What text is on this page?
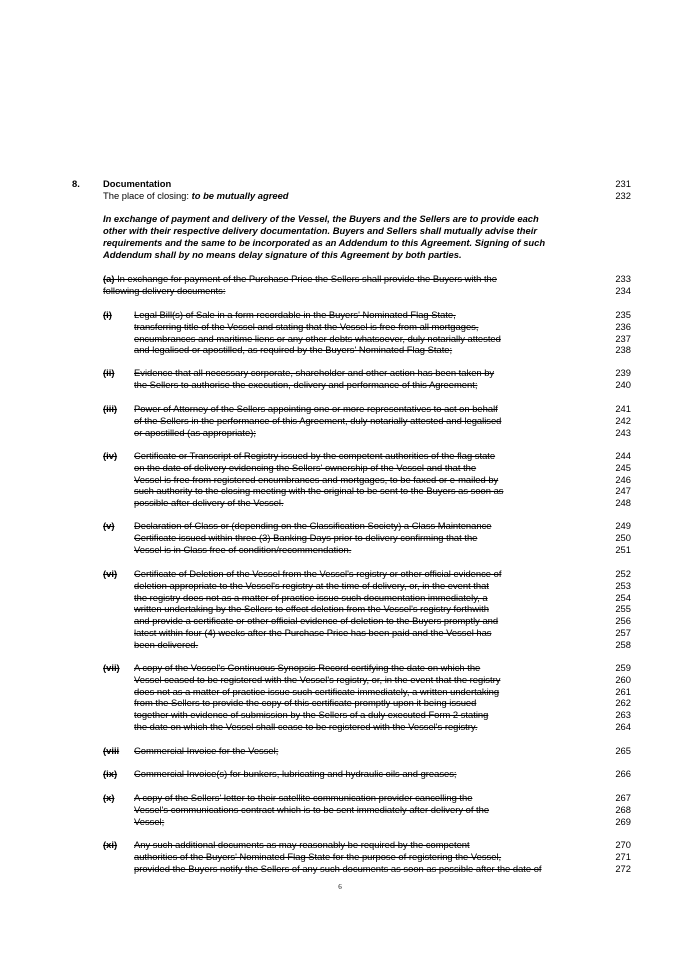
8. Documentation	231
The place of closing: to be mutually agreed	232
In exchange of payment and delivery of the Vessel, the Buyers and the Sellers are to provide each
other with their respective delivery documentation. Buyers and Sellers shall mutually advise their
requirements and the same to be incorporated as an Addendum to this Agreement. Signing of such
Addendum shall by no means delay signature of this Agreement by both parties.
(a) In exchange for payment of the Purchase Price the Sellers shall provide the Buyers with the	233
following delivery documents:	234
(i) Legal Bill(s) of Sale in a form recordable in the Buyers' Nominated Flag State,	235
transferring title of the Vessel and stating that the Vessel is free from all mortgages,	236
encumbrances and maritime liens or any other debts whatsoever, duly notarially attested	237
and legalised or apostilled, as required by the Buyers' Nominated Flag State;	238
(ii) Evidence that all necessary corporate, shareholder and other action has been taken by	239
the Sellers to authorise the execution, delivery and performance of this Agreement;	240
(iii) Power of Attorney of the Sellers appointing one or more representatives to act on behalf	241
of the Sellers in the performance of this Agreement, duly notarially attested and legalised	242
or apostilled (as appropriate);	243
(iv) Certificate or Transcript of Registry issued by the competent authorities of the flag state	244
on the date of delivery evidencing the Sellers' ownership of the Vessel and that the	245
Vessel is free from registered encumbrances and mortgages, to be faxed or e-mailed by	246
such authority to the closing meeting with the original to be sent to the Buyers as soon as	247
possible after delivery of the Vessel.	248
(v) Declaration of Class or (depending on the Classification Society) a Class Maintenance	249
Certificate issued within three (3) Banking Days prior to delivery confirming that the	250
Vessel is in Class free of condition/recommendation.	251
(vi) Certificate of Deletion of the Vessel from the Vessel's registry or other official evidence of	252
deletion appropriate to the Vessel's registry at the time of delivery, or, in the event that	253
the registry does not as a matter of practice issue such documentation immediately, a	254
written undertaking by the Sellers to effect deletion from the Vessel's registry forthwith	255
and provide a certificate or other official evidence of deletion to the Buyers promptly and	256
latest within four (4) weeks after the Purchase Price has been paid and the Vessel has	257
been delivered.	258
(vii) A copy of the Vessel's Continuous Synopsis Record certifying the date on which the	259
Vessel ceased to be registered with the Vessel's registry, or, in the event that the registry	260
does not as a matter of practice issue such certificate immediately, a written undertaking	261
from the Sellers to provide the copy of this certificate promptly upon it being issued	262
together with evidence of submission by the Sellers of a duly executed Form 2 stating	263
the date on which the Vessel shall cease to be registered with the Vessel's registry.	264
(viii Commercial Invoice for the Vessel;	265
(ix) Commercial Invoice(s) for bunkers, lubricating and hydraulic oils and greases;	266
(x) A copy of the Sellers' letter to their satellite communication provider cancelling the	267
Vessel's communications contract which is to be sent immediately after delivery of the	268
Vessel;	269
(xi) Any such additional documents as may reasonably be required by the competent	270
authorities of the Buyers' Nominated Flag State for the purpose of registering the Vessel,	271
provided the Buyers notify the Sellers of any such documents as soon as possible after the date of	272
6
